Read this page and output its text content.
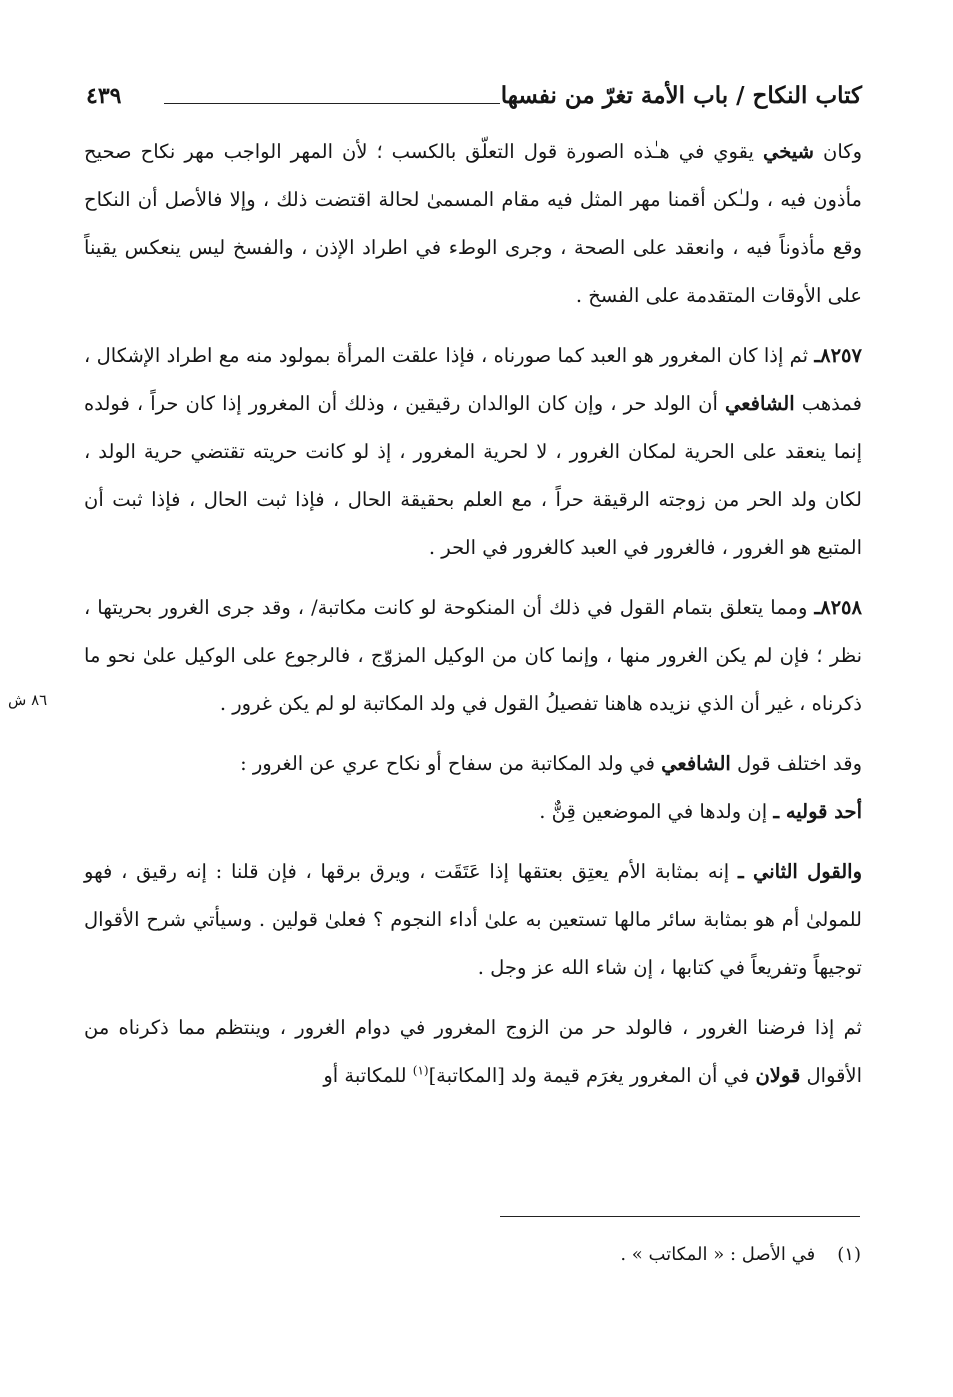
كتاب النكاح / باب الأمة تغرّ من نفسها
٤٣٩
٨٦ ش

وكان شيخي يقوي في هـٰذه الصورة قول التعلّق بالكسب ؛ لأن المهر الواجب مهر نكاح صحيح مأذون فيه ، ولـٰكن أقمنا مهر المثل فيه مقام المسمىٰ لحالة اقتضت ذلك ، وإلا فالأصل أن النكاح وقع مأذوناً فيه ، وانعقد على الصحة ، وجرى الوطء في اطراد الإذن ، والفسخ ليس ينعكس يقيناً على الأوقات المتقدمة على الفسخ .

٨٢٥٧ـ ثم إذا كان المغرور هو العبد كما صورناه ، فإذا علقت المرأة بمولود منه مع اطراد الإشكال ، فمذهب الشافعي أن الولد حر ، وإن كان الوالدان رقيقين ، وذلك أن المغرور إذا كان حراً ، فولده إنما ينعقد على الحرية لمكان الغرور ، لا لحرية المغرور ، إذ لو كانت حريته تقتضي حرية الولد ، لكان ولد الحر من زوجته الرقيقة حراً ، مع العلم بحقيقة الحال ، فإذا ثبت الحال ، فإذا ثبت أن المتبع هو الغرور ، فالغرور في العبد كالغرور في الحر .

٨٢٥٨ـ ومما يتعلق بتمام القول في ذلك أن المنكوحة لو كانت مكاتبة/ ، وقد جرى الغرور بحريتها ، نظر ؛ فإن لم يكن الغرور منها ، وإنما كان من الوكيل المزوّج ، فالرجوع على الوكيل علىٰ نحو ما ذكرناه ، غير أن الذي نزيده هاهنا تفصيلُ القول في ولد المكاتبة لو لم يكن غرور .

وقد اختلف قول الشافعي في ولد المكاتبة من سفاح أو نكاح عري عن الغرور :
أحد قوليه ـ إن ولدها في الموضعين قِنٌّ .

والقول الثاني ـ إنه بمثابة الأم يعتِق بعتقها إذا عَتَقَت ، ويرق برقها ، فإن قلنا : إنه رقيق ، فهو للمولىٰ أم هو بمثابة سائر مالها تستعين به علىٰ أداء النجوم ؟ فعلىٰ قولين . وسيأتي شرح الأقوال توجيهاً وتفريعاً في كتابها ، إن شاء الله عز وجل .

ثم إذا فرضنا الغرور ، فالولد حر من الزوج المغرور في دوام الغرور ، وينتظم مما ذكرناه من الأقوال قولان في أن المغرور يغرَم قيمة ولد [المكاتبة]$^{(١)}$ للمكاتبة أو

(١)في الأصل : « المكاتب » .
